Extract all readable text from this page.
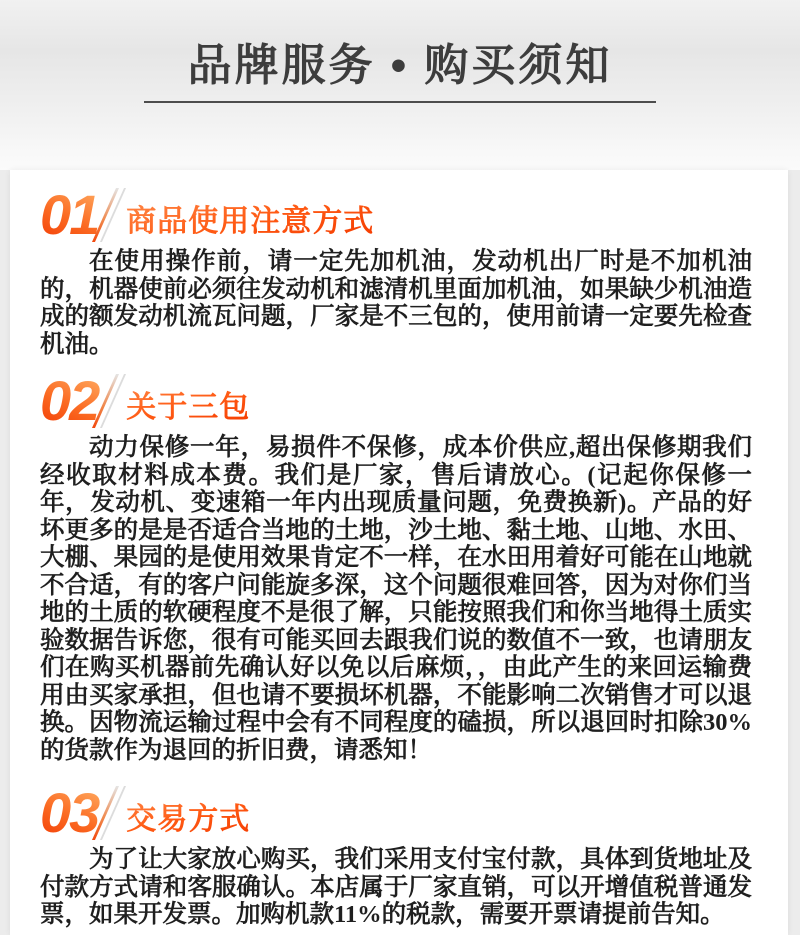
品牌服务 • 购买须知
01 商品使用注意方式

在使用操作前，请一定先加机油，发动机出厂时是不加机油的，机器使前必须往发动机和滤清机里面加机油，如果缺少机油造成的额发动机流瓦问题，厂家是不三包的，使用前请一定要先检查机油。

02 关于三包

动力保修一年，易损件不保修，成本价供应,超出保修期我们经收取材料成本费。我们是厂家，售后请放心。(记起你保修一年，发动机、变速箱一年内出现质量问题，免费换新)。产品的好坏更多的是是否适合当地的土地，沙土地、黏土地、山地、水田、大棚、果园的是使用效果肯定不一样，在水田用着好可能在山地就不合适，有的客户问能旋多深，这个问题很难回答，因为对你们当地的土质的软硬程度不是很了解，只能按照我们和你当地得土质实验数据告诉您，很有可能买回去跟我们说的数值不一致，也请朋友们在购买机器前先确认好以免以后麻烦，，由此产生的来回运输费用由买家承担，但也请不要损坏机器，不能影响二次销售才可以退换。因物流运输过程中会有不同程度的磕损，所以退回时扣除30%的货款作为退回的折旧费，请悉知！

03 交易方式

为了让大家放心购买，我们采用支付宝付款，具体到货地址及付款方式请和客服确认。本店属于厂家直销，可以开增值税普通发票，如果开发票。加购机款11%的税款，需要开票请提前告知。
